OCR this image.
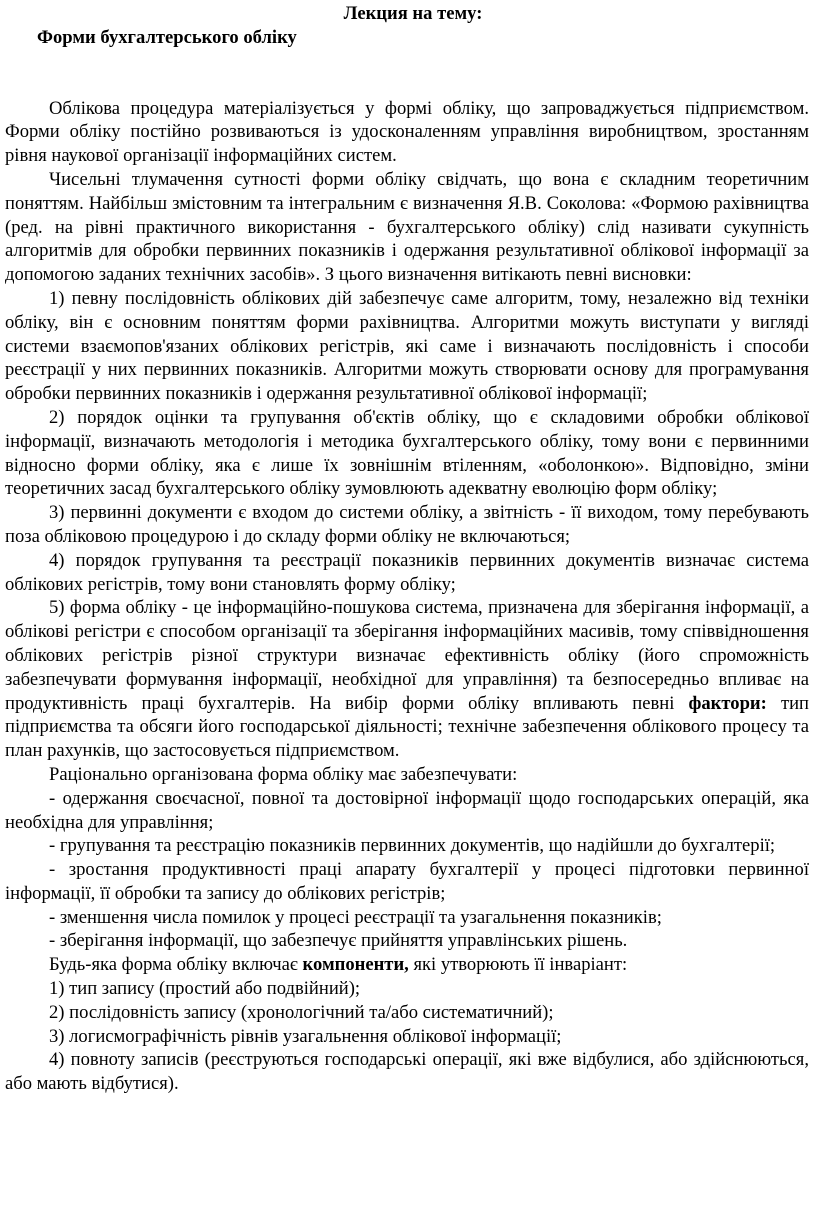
Лекция на тему:
Форми бухгалтерського обліку

Облікова процедура матеріалізується у формі обліку, що запроваджується підприємством. Форми обліку постійно розвиваються із удосконаленням управління виробництвом, зростанням рівня наукової організації інформаційних систем.

Чисельні тлумачення сутності форми обліку свідчать, що вона є складним теоретичним поняттям. Найбільш змістовним та інтегральним є визначення Я.В. Соколова: «Формою рахівництва (ред. на рівні практичного використання - бухгалтерського обліку) слід називати сукупність алгоритмів для обробки первинних показників і одержання результативної облікової інформації за допомогою заданих технічних засобів». З цього визначення витікають певні висновки:

1) певну послідовність облікових дій забезпечує саме алгоритм, тому, незалежно від техніки обліку, він є основним поняттям форми рахівництва. Алгоритми можуть виступати у вигляді системи взаємопов'язаних облікових регістрів, які саме і визначають послідовність і способи реєстрації у них первинних показників. Алгоритми можуть створювати основу для програмування обробки первинних показників і одержання результативної облікової інформації;

2) порядок оцінки та групування об'єктів обліку, що є складовими обробки облікової інформації, визначають методологія і методика бухгалтерського обліку, тому вони є первинними відносно форми обліку, яка є лише їх зовнішнім втіленням, «оболонкою». Відповідно, зміни теоретичних засад бухгалтерського обліку зумовлюють адекватну еволюцію форм обліку;

3) первинні документи є входом до системи обліку, а звітність - її виходом, тому перебувають поза обліковою процедурою і до складу форми обліку не включаються;

4) порядок групування та реєстрації показників первинних документів визначає система облікових регістрів, тому вони становлять форму обліку;

5) форма обліку - це інформаційно-пошукова система, призначена для зберігання інформації, а облікові регістри є способом організації та зберігання інформаційних масивів, тому співвідношення облікових регістрів різної структури визначає ефективність обліку (його спроможність забезпечувати формування інформації, необхідної для управління) та безпосередньо впливає на продуктивність праці бухгалтерів. На вибір форми обліку впливають певні фактори: тип підприємства та обсяги його господарської діяльності; технічне забезпечення облікового процесу та план рахунків, що застосовується підприємством.

Раціонально організована форма обліку має забезпечувати:

- одержання своєчасної, повної та достовірної інформації щодо господарських операцій, яка необхідна для управління;

- групування та реєстрацію показників первинних документів, що надійшли до бухгалтерії;

- зростання продуктивності праці апарату бухгалтерії у процесі підготовки первинної інформації, її обробки та запису до облікових регістрів;

- зменшення числа помилок у процесі реєстрації та узагальнення показників;

- зберігання інформації, що забезпечує прийняття управлінських рішень.

Будь-яка форма обліку включає компоненти, які утворюють її інваріант:

1) тип запису (простий або подвійний);

2) послідовність запису (хронологічний та/або систематичний);

3) логисмографічність рівнів узагальнення облікової інформації;

4) повноту записів (реєструються господарські операції, які вже відбулися, або здійснюються, або мають відбутися).
